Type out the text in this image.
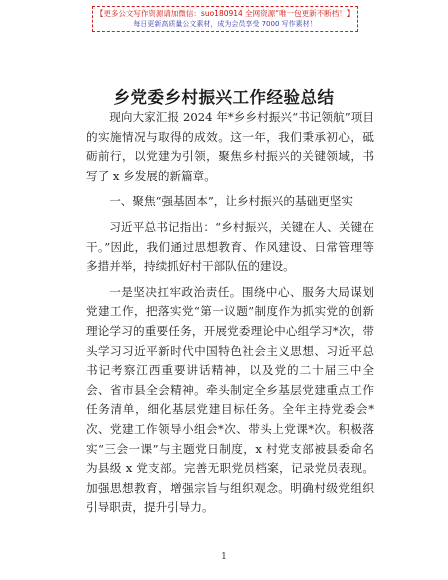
【更多公文写作资源请加微信：suo180914 全网资源“唯一包更新不断档！】
每日更新高质量公文素材，成为会员享受 7000 写作素材！
乡党委乡村振兴工作经验总结

现向大家汇报 2024 年*乡乡村振兴“书记领航”项目的实施情况与取得的成效。这一年，我们秉承初心，砥砺前行，以党建为引领，聚焦乡村振兴的关键领域，书写了 x 乡发展的新篇章。

一、聚焦“强基固本”，让乡村振兴的基础更坚实

习近平总书记指出：“乡村振兴，关键在人、关键在干。”因此，我们通过思想教育、作风建设、日常管理等多措并举，持续抓好村干部队伍的建设。

一是坚决扛牢政治责任。围绕中心、服务大局谋划党建工作，把落实党“第一议题”制度作为抓实党的创新理论学习的重要任务，开展党委理论中心组学习*次，带头学习习近平新时代中国特色社会主义思想、习近平总书记考察江西重要讲话精神，以及党的二十届三中全会、省市县全会精神。牵头制定全乡基层党建重点工作任务清单，细化基层党建目标任务。全年主持党委会*次、党建工作领导小组会*次、带头上党课*次。积极落实“三会一课”与主题党日制度，x 村党支部被县委命名为县级 x 党支部。完善无职党员档案，记录党员表现。加强思想教育，增强宗旨与组织观念。明确村级党组织引导职责，提升引导力。

1
